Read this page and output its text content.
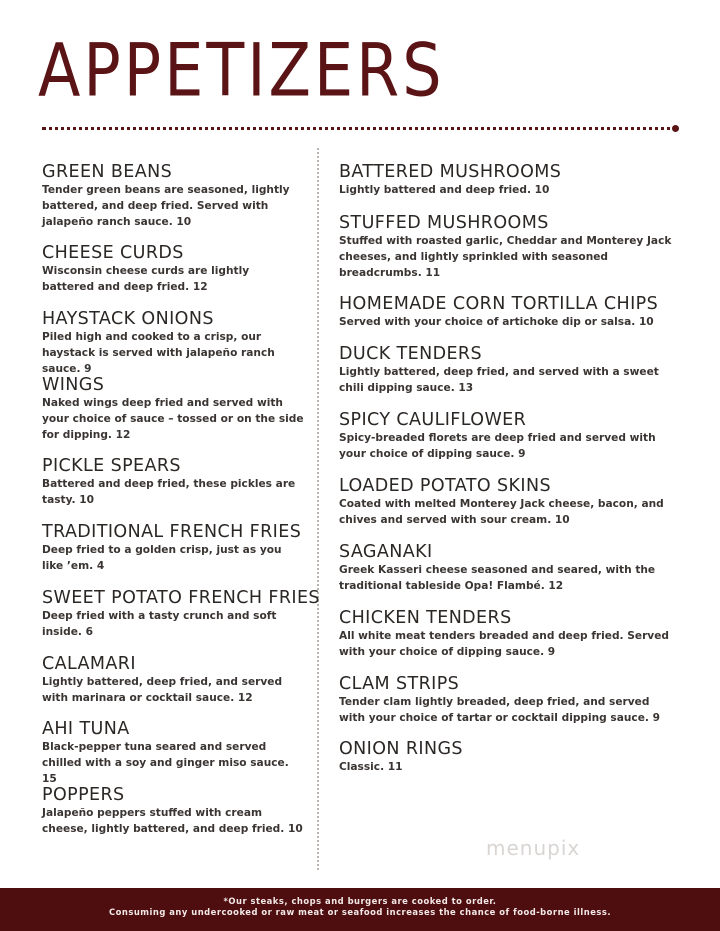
APPETIZERS
GREEN BEANS

Tender green beans are seasoned, lightly battered, and deep fried. Served with jalapeño ranch sauce. 10

CHEESE CURDS

Wisconsin cheese curds are lightly battered and deep fried. 12

HAYSTACK ONIONS

Piled high and cooked to a crisp, our haystack is served with jalapeño ranch sauce. 9

WINGS

Naked wings deep fried and served with your choice of sauce – tossed or on the side for dipping. 12

PICKLE SPEARS

Battered and deep fried, these pickles are tasty. 10

TRADITIONAL FRENCH FRIES

Deep fried to a golden crisp, just as you like ’em. 4

SWEET POTATO FRENCH FRIES

Deep fried with a tasty crunch and soft inside. 6

CALAMARI

Lightly battered, deep fried, and served with marinara or cocktail sauce. 12

AHI TUNA

Black-pepper tuna seared and served chilled with a soy and ginger miso sauce. 15

POPPERS

Jalapeño peppers stuffed with cream cheese, lightly battered, and deep fried. 10

BATTERED MUSHROOMS

Lightly battered and deep fried. 10

STUFFED MUSHROOMS

Stuffed with roasted garlic, Cheddar and Monterey Jack cheeses, and lightly sprinkled with seasoned breadcrumbs. 11

HOMEMADE CORN TORTILLA CHIPS

Served with your choice of artichoke dip or salsa. 10

DUCK TENDERS

Lightly battered, deep fried, and served with a sweet chili dipping sauce. 13

SPICY CAULIFLOWER

Spicy-breaded florets are deep fried and served with your choice of dipping sauce. 9

LOADED POTATO SKINS

Coated with melted Monterey Jack cheese, bacon, and chives and served with sour cream. 10

SAGANAKI

Greek Kasseri cheese seasoned and seared, with the traditional tableside Opa! Flambé. 12

CHICKEN TENDERS

All white meat tenders breaded and deep fried. Served with your choice of dipping sauce. 9

CLAM STRIPS

Tender clam lightly breaded, deep fried, and served with your choice of tartar or cocktail dipping sauce. 9

ONION RINGS

Classic. 11

menupix
*Our steaks, chops and burgers are cooked to order.
Consuming any undercooked or raw meat or seafood increases the chance of food-borne illness.
